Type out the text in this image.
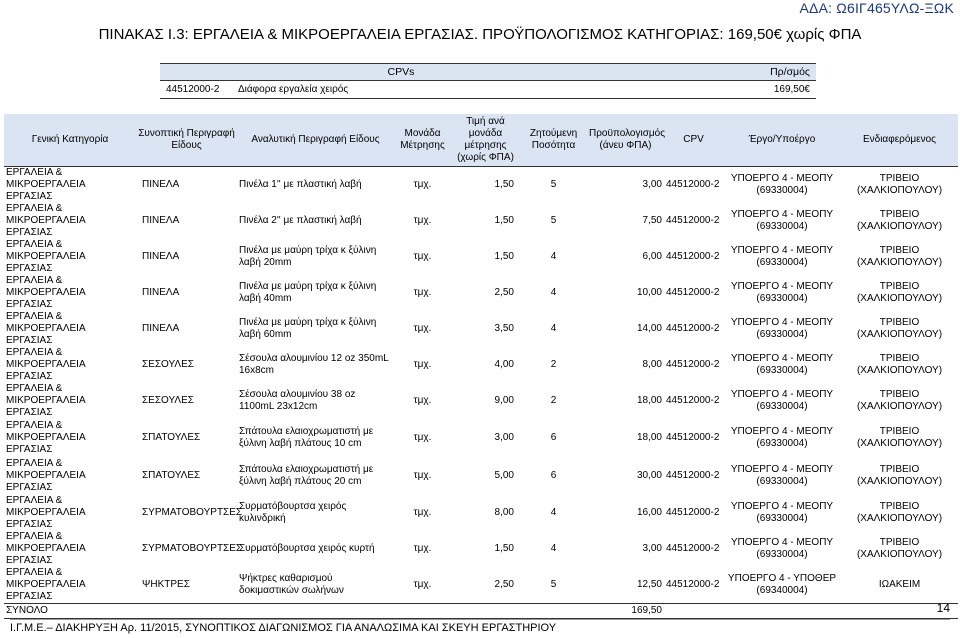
ΑΔΑ: Ω6ΙΓ465ΥΛΩ-ΞΩΚ
ΠΙΝΑΚΑΣ Ι.3: ΕΡΓΑΛΕΙΑ & ΜΙΚΡΟΕΡΓΑΛΕΙΑ ΕΡΓΑΣΙΑΣ. ΠΡΟΫΠΟΛΟΓΙΣΜΟΣ ΚΑΤΗΓΟΡΙΑΣ: 169,50€ χωρίς ΦΠΑ
CPVs		Πρ/σμός
44512000-2	Διάφορα εργαλεία χειρός	169,50€
Γενική Κατηγορία	Συνοπτική Περιγραφή Είδους	Αναλυτική Περιγραφή Είδους	Μονάδα Μέτρησης	Τιμή ανά μονάδα μέτρησης (χωρίς ΦΠΑ)	Ζητούμενη Ποσότητα	Προϋπολογισμός (άνευ ΦΠΑ)	CPV	Έργο/Υποέργο	Ενδιαφερόμενος
ΕΡΓΑΛΕΙΑ & ΜΙΚΡΟΕΡΓΑΛΕΙΑ ΕΡΓΑΣΙΑΣ	ΠΙΝΕΛΑ	Πινέλα 1'' με πλαστική λαβή	τμχ.	1,50	5	3,00	44512000-2	ΥΠΟΕΡΓΟ 4 - ΜΕΟΠΥ (69330004)	ΤΡΙΒΕΙΟ (ΧΑΛΚΙΟΠΟΥΛΟΥ)
ΕΡΓΑΛΕΙΑ & ΜΙΚΡΟΕΡΓΑΛΕΙΑ ΕΡΓΑΣΙΑΣ	ΠΙΝΕΛΑ	Πινέλα 2'' με πλαστική λαβή	τμχ.	1,50	5	7,50	44512000-2	ΥΠΟΕΡΓΟ 4 - ΜΕΟΠΥ (69330004)	ΤΡΙΒΕΙΟ (ΧΑΛΚΙΟΠΟΥΛΟΥ)
ΕΡΓΑΛΕΙΑ & ΜΙΚΡΟΕΡΓΑΛΕΙΑ ΕΡΓΑΣΙΑΣ	ΠΙΝΕΛΑ	Πινέλα με μαύρη τρίχα κ ξύλινη λαβή 20mm	τμχ.	1,50	4	6,00	44512000-2	ΥΠΟΕΡΓΟ 4 - ΜΕΟΠΥ (69330004)	ΤΡΙΒΕΙΟ (ΧΑΛΚΙΟΠΟΥΛΟΥ)
ΕΡΓΑΛΕΙΑ & ΜΙΚΡΟΕΡΓΑΛΕΙΑ ΕΡΓΑΣΙΑΣ	ΠΙΝΕΛΑ	Πινέλα με μαύρη τρίχα κ ξύλινη λαβή 40mm	τμχ.	2,50	4	10,00	44512000-2	ΥΠΟΕΡΓΟ 4 - ΜΕΟΠΥ (69330004)	ΤΡΙΒΕΙΟ (ΧΑΛΚΙΟΠΟΥΛΟΥ)
ΕΡΓΑΛΕΙΑ & ΜΙΚΡΟΕΡΓΑΛΕΙΑ ΕΡΓΑΣΙΑΣ	ΠΙΝΕΛΑ	Πινέλα με μαύρη τρίχα κ ξύλινη λαβή 60mm	τμχ.	3,50	4	14,00	44512000-2	ΥΠΟΕΡΓΟ 4 - ΜΕΟΠΥ (69330004)	ΤΡΙΒΕΙΟ (ΧΑΛΚΙΟΠΟΥΛΟΥ)
ΕΡΓΑΛΕΙΑ & ΜΙΚΡΟΕΡΓΑΛΕΙΑ ΕΡΓΑΣΙΑΣ	ΣΕΣΟΥΛΕΣ	Σέσουλα αλουμινίου 12 oz 350mL 16x8cm	τμχ.	4,00	2	8,00	44512000-2	ΥΠΟΕΡΓΟ 4 - ΜΕΟΠΥ (69330004)	ΤΡΙΒΕΙΟ (ΧΑΛΚΙΟΠΟΥΛΟΥ)
ΕΡΓΑΛΕΙΑ & ΜΙΚΡΟΕΡΓΑΛΕΙΑ ΕΡΓΑΣΙΑΣ	ΣΕΣΟΥΛΕΣ	Σέσουλα αλουμινίου 38 oz 1100mL 23x12cm	τμχ.	9,00	2	18,00	44512000-2	ΥΠΟΕΡΓΟ 4 - ΜΕΟΠΥ (69330004)	ΤΡΙΒΕΙΟ (ΧΑΛΚΙΟΠΟΥΛΟΥ)
ΕΡΓΑΛΕΙΑ & ΜΙΚΡΟΕΡΓΑΛΕΙΑ ΕΡΓΑΣΙΑΣ	ΣΠΑΤΟΥΛΕΣ	Σπάτουλα ελαιοχρωματιστή με ξύλινη λαβή πλάτους 10 cm	τμχ.	3,00	6	18,00	44512000-2	ΥΠΟΕΡΓΟ 4 - ΜΕΟΠΥ (69330004)	ΤΡΙΒΕΙΟ (ΧΑΛΚΙΟΠΟΥΛΟΥ)
ΕΡΓΑΛΕΙΑ & ΜΙΚΡΟΕΡΓΑΛΕΙΑ ΕΡΓΑΣΙΑΣ	ΣΠΑΤΟΥΛΕΣ	Σπάτουλα ελαιοχρωματιστή με ξύλινη λαβή πλάτους 20 cm	τμχ.	5,00	6	30,00	44512000-2	ΥΠΟΕΡΓΟ 4 - ΜΕΟΠΥ (69330004)	ΤΡΙΒΕΙΟ (ΧΑΛΚΙΟΠΟΥΛΟΥ)
ΕΡΓΑΛΕΙΑ & ΜΙΚΡΟΕΡΓΑΛΕΙΑ ΕΡΓΑΣΙΑΣ	ΣΥΡΜΑΤΟΒΟΥΡΤΣΕΣ	Συρματόβουρτσα χειρός κυλινδρική	τμχ.	8,00	4	16,00	44512000-2	ΥΠΟΕΡΓΟ 4 - ΜΕΟΠΥ (69330004)	ΤΡΙΒΕΙΟ (ΧΑΛΚΙΟΠΟΥΛΟΥ)
ΕΡΓΑΛΕΙΑ & ΜΙΚΡΟΕΡΓΑΛΕΙΑ ΕΡΓΑΣΙΑΣ	ΣΥΡΜΑΤΟΒΟΥΡΤΣΕΣ	Συρματόβουρτσα χειρός κυρτή	τμχ.	1,50	4	3,00	44512000-2	ΥΠΟΕΡΓΟ 4 - ΜΕΟΠΥ (69330004)	ΤΡΙΒΕΙΟ (ΧΑΛΚΙΟΠΟΥΛΟΥ)
ΕΡΓΑΛΕΙΑ & ΜΙΚΡΟΕΡΓΑΛΕΙΑ ΕΡΓΑΣΙΑΣ	ΨΗΚΤΡΕΣ	Ψήκτρες καθαρισμού δοκιμαστικών σωλήνων	τμχ.	2,50	5	12,50	44512000-2	ΥΠΟΕΡΓΟ 4 - ΥΠΟΘΕΡ (69340004)	ΙΩΑΚΕΙΜ
ΣΥΝΟΛΟ						169,50				14
Ι.Γ.Μ.Ε.– ΔΙΑΚΗΡΥΞΗ Αρ. 11/2015, ΣΥΝΟΠΤΙΚΟΣ ΔΙΑΓΩΝΙΣΜΟΣ ΓΙΑ ΑΝΑΛΩΣΙΜΑ ΚΑΙ ΣΚΕΥΗ ΕΡΓΑΣΤΗΡΙΟΥ
